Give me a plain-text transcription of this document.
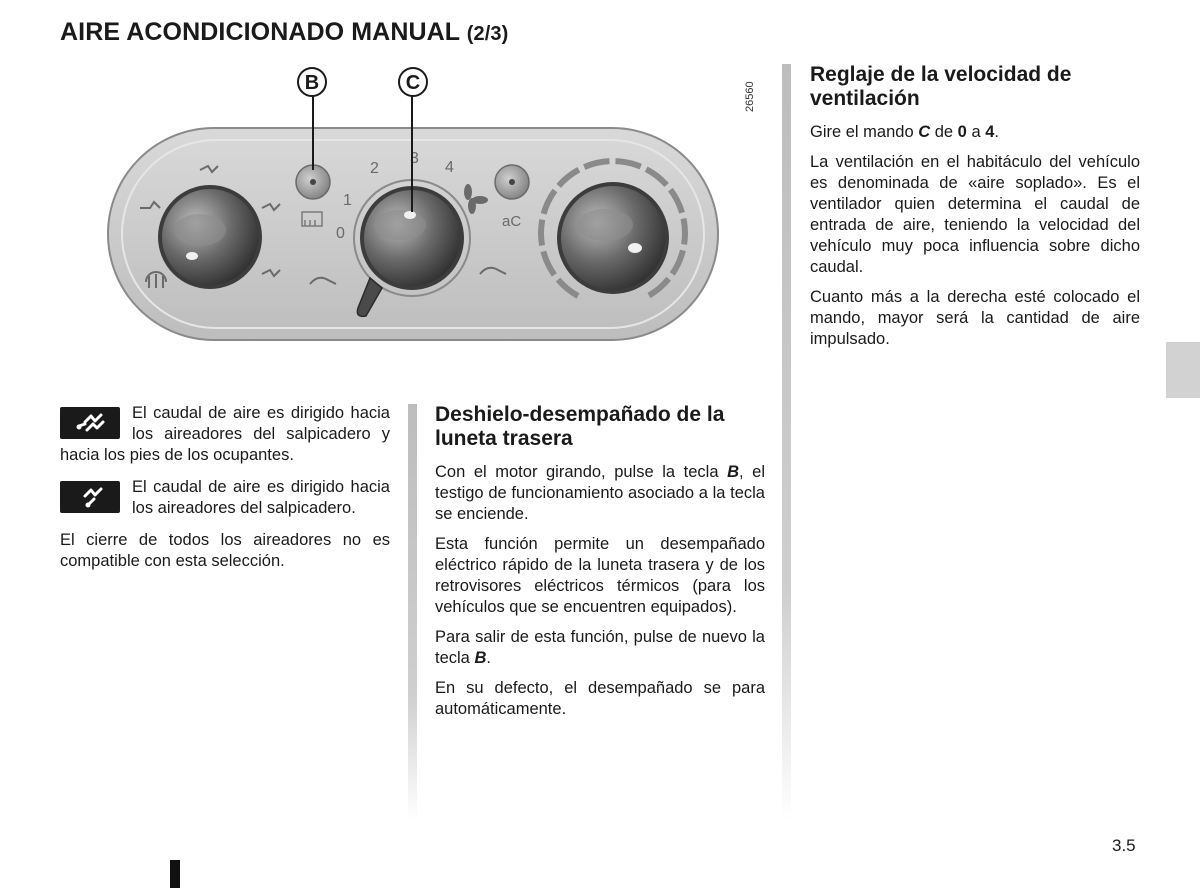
AIRE ACONDICIONADO MANUAL (2/3)
0
1
2
3
4
aC
B	C	26560
El caudal de aire es dirigido hacia los aireadores del salpicadero y hacia los pies de los ocupantes.
El caudal de aire es dirigido hacia los aireadores del salpicadero.

El cierre de todos los aireadores no es compatible con esta selección.

Deshielo-desempañado de la luneta trasera

Con el motor girando, pulse la tecla B, el testigo de funcionamiento asociado a la tecla se enciende.

Esta función permite un desempañado eléctrico rápido de la luneta trasera y de los retrovisores eléctricos térmicos (para los vehículos que se encuentren equipados).

Para salir de esta función, pulse de nuevo la tecla B.

En su defecto, el desempañado se para automáticamente.

Reglaje de la velocidad de ventilación

Gire el mando C de 0 a 4.

La ventilación en el habitáculo del vehículo es denominada de «aire soplado». Es el ventilador quien determina el caudal de entrada de aire, teniendo la velocidad del vehículo muy poca influencia sobre dicho caudal.

Cuanto más a la derecha esté colocado el mando, mayor será la cantidad de aire impulsado.

3.5
